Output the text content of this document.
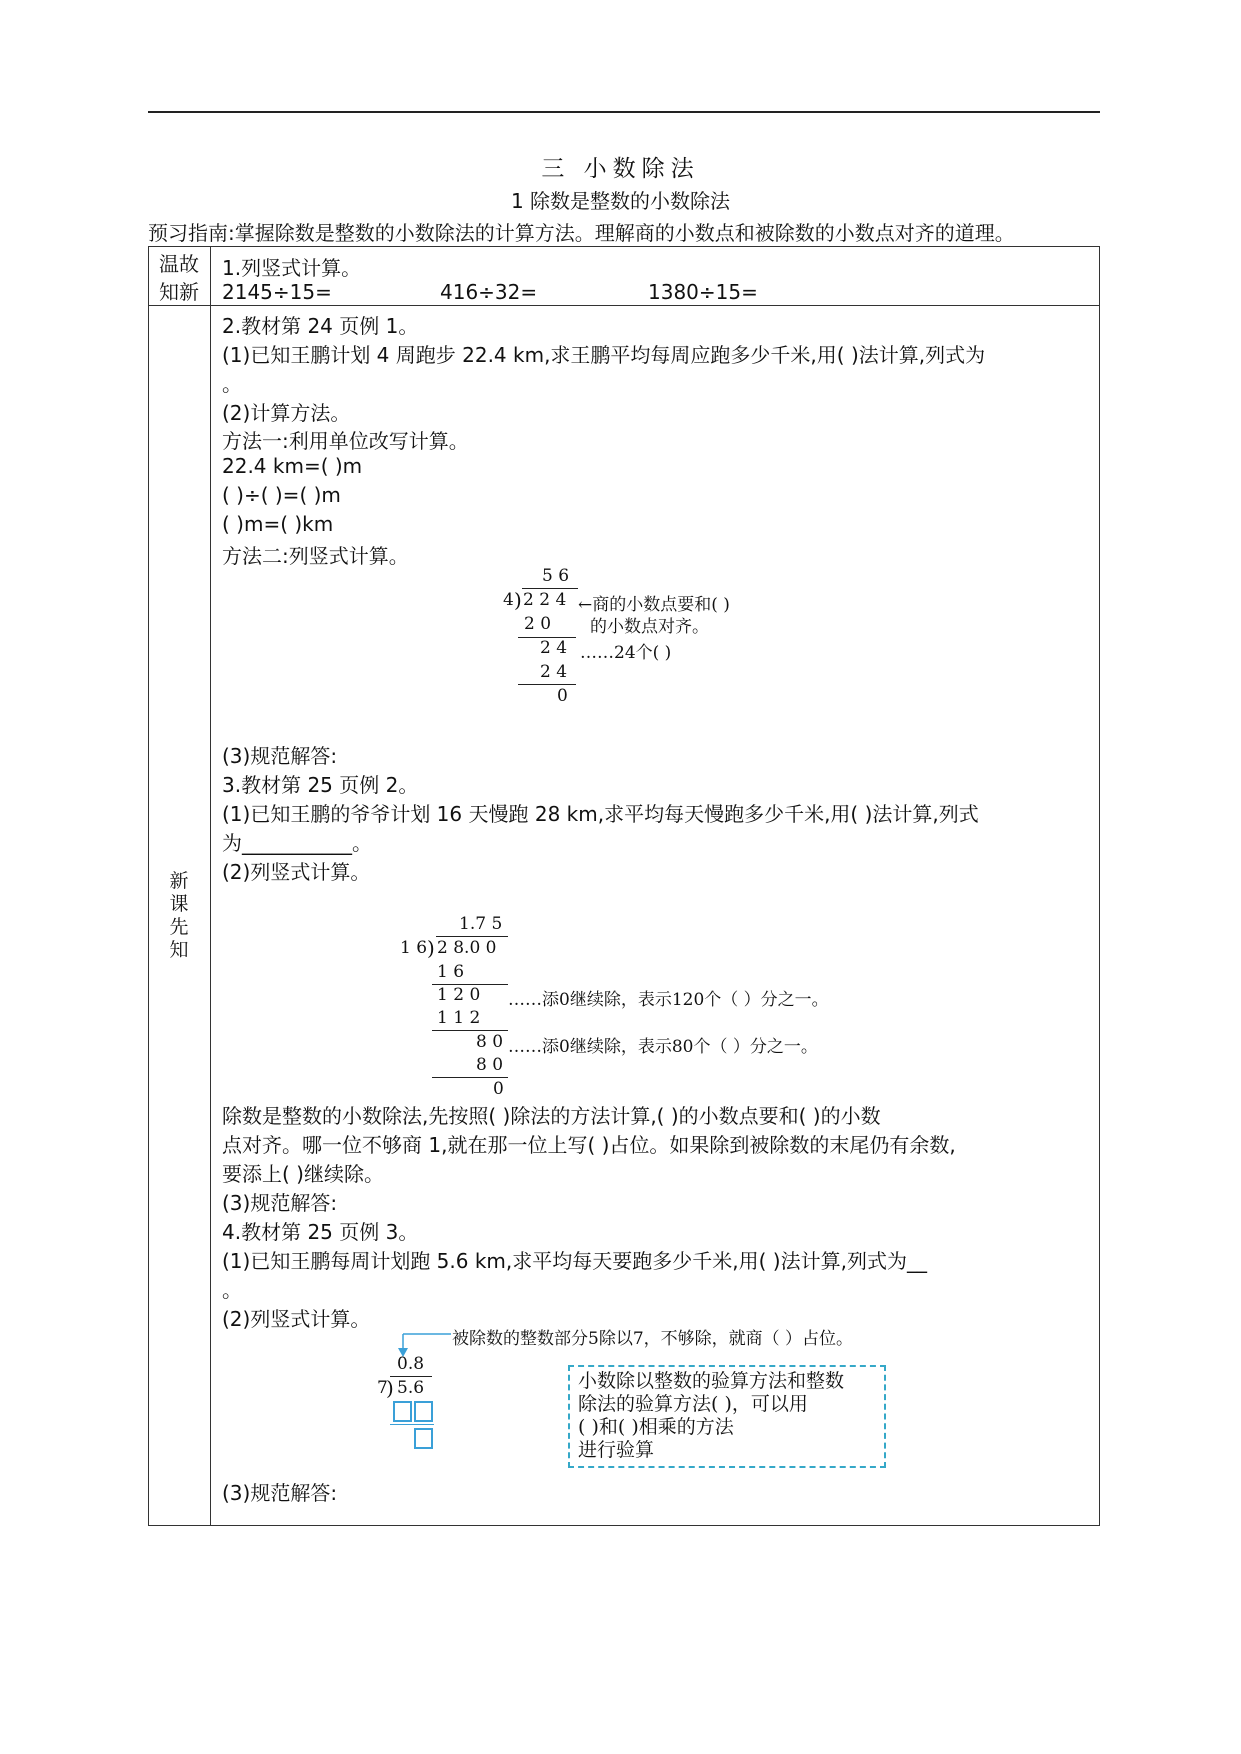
三 小数除法
1 除数是整数的小数除法
预习指南:掌握除数是整数的小数除法的计算方法。理解商的小数点和被除数的小数点对齐的道理。
温故
知新
新
课
先
知
1.列竖式计算。
2145÷15=	416÷32=	1380÷15=
2.教材第 24 页例 1。
(1)已知王鹏计划 4 周跑步 22.4 km,求王鹏平均每周应跑多少千米,用( )法计算,列式为
。
(2)计算方法。
方法一:利用单位改写计算。
22.4 km=( )m
( )÷( )=( )m
( )m=( )km
方法二:列竖式计算。
5 6
4 ) 2 2 4
2 0
2 4
2 4
0
←商的小数点要和( )
的小数点对齐。
……24个( )
(3)规范解答:
3.教材第 25 页例 2。
(1)已知王鹏的爷爷计划 16 天慢跑 28 km,求平均每天慢跑多少千米,用( )法计算,列式
为___________。
(2)列竖式计算。
1.7 5
1 6 ) 2 8.0 0
1 6
1 2 0
1 1 2
8 0
8 0
0
……添0继续除，表示120个（ ）分之一。
……添0继续除，表示80个（ ）分之一。
除数是整数的小数除法,先按照( )除法的方法计算,( )的小数点要和( )的小数
点对齐。哪一位不够商 1,就在那一位上写( )占位。如果除到被除数的末尾仍有余数,
要添上( )继续除。
(3)规范解答:
4.教材第 25 页例 3。
(1)已知王鹏每周计划跑 5.6 km,求平均每天要跑多少千米,用( )法计算,列式为__
。
(2)列竖式计算。
被除数的整数部分5除以7，不够除，就商（ ）占位。
0.8
7
) 5.6	小数除以整数的验算方法和整数
除法的验算方法( )，可以用
( )和( )相乘的方法
进行验算
(3)规范解答:
